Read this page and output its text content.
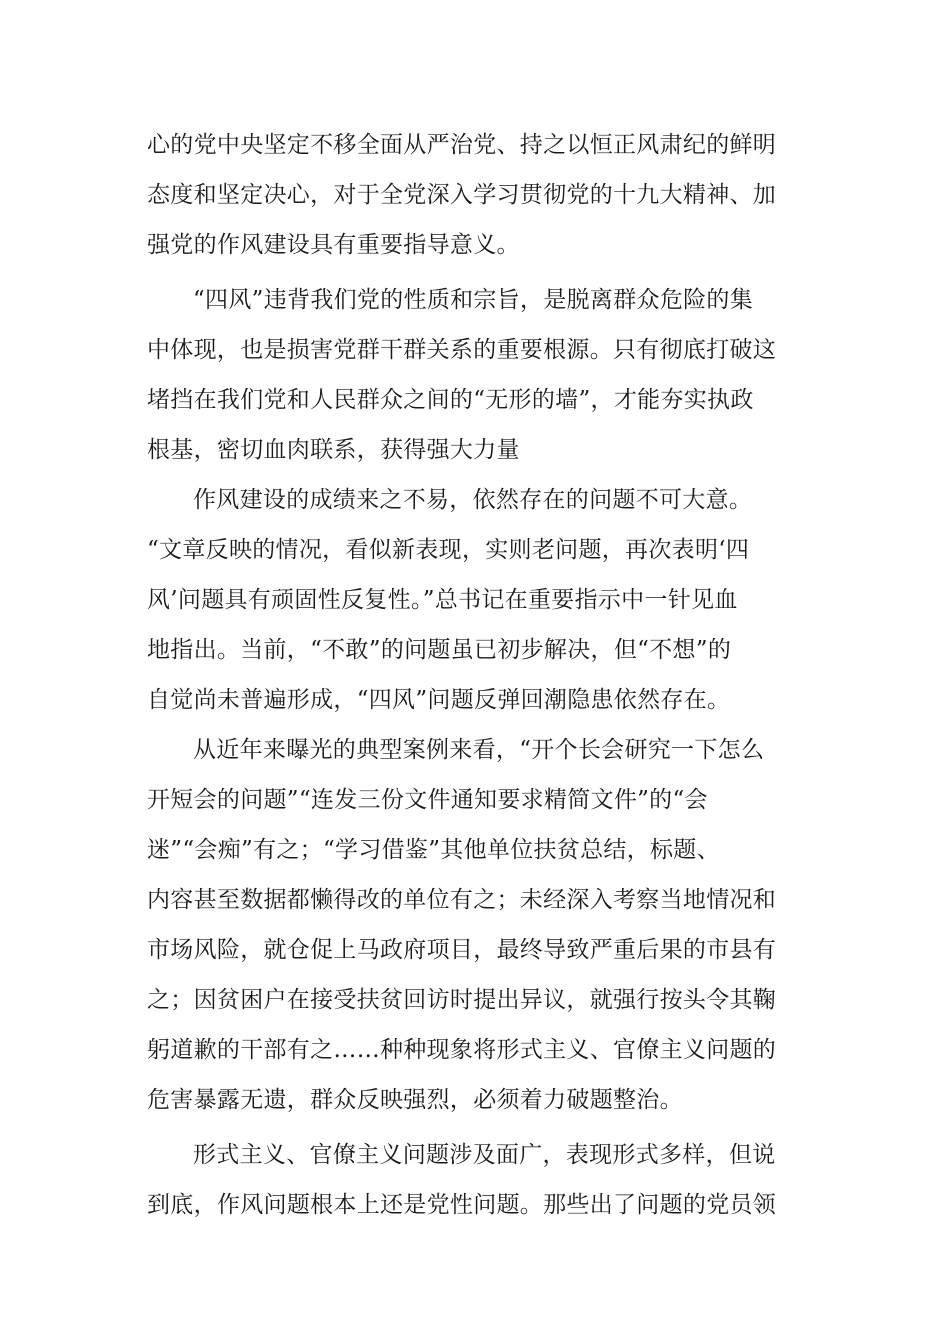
心的党中央坚定不移全面从严治党、持之以恒正风肃纪的鲜明
态度和坚定决心，对于全党深入学习贯彻党的十九大精神、加
强党的作风建设具有重要指导意义。
“四风”违背我们党的性质和宗旨，是脱离群众危险的集
中体现，也是损害党群干群关系的重要根源。只有彻底打破这
堵挡在我们党和人民群众之间的“无形的墙”，才能夯实执政
根基，密切血肉联系，获得强大力量
作风建设的成绩来之不易，依然存在的问题不可大意。
“文章反映的情况，看似新表现，实则老问题，再次表明‘四
风’问题具有顽固性反复性。”总书记在重要指示中一针见血
地指出。当前，“不敢”的问题虽已初步解决，但“不想”的
自觉尚未普遍形成，“四风”问题反弹回潮隐患依然存在。
从近年来曝光的典型案例来看，“开个长会研究一下怎么
开短会的问题”“连发三份文件通知要求精简文件”的“会
迷”“会痴”有之；“学习借鉴”其他单位扶贫总结，标题、
内容甚至数据都懒得改的单位有之；未经深入考察当地情况和
市场风险，就仓促上马政府项目，最终导致严重后果的市县有
之；因贫困户在接受扶贫回访时提出异议，就强行按头令其鞠
躬道歉的干部有之……种种现象将形式主义、官僚主义问题的
危害暴露无遗，群众反映强烈，必须着力破题整治。
形式主义、官僚主义问题涉及面广，表现形式多样，但说
到底，作风问题根本上还是党性问题。那些出了问题的党员领
